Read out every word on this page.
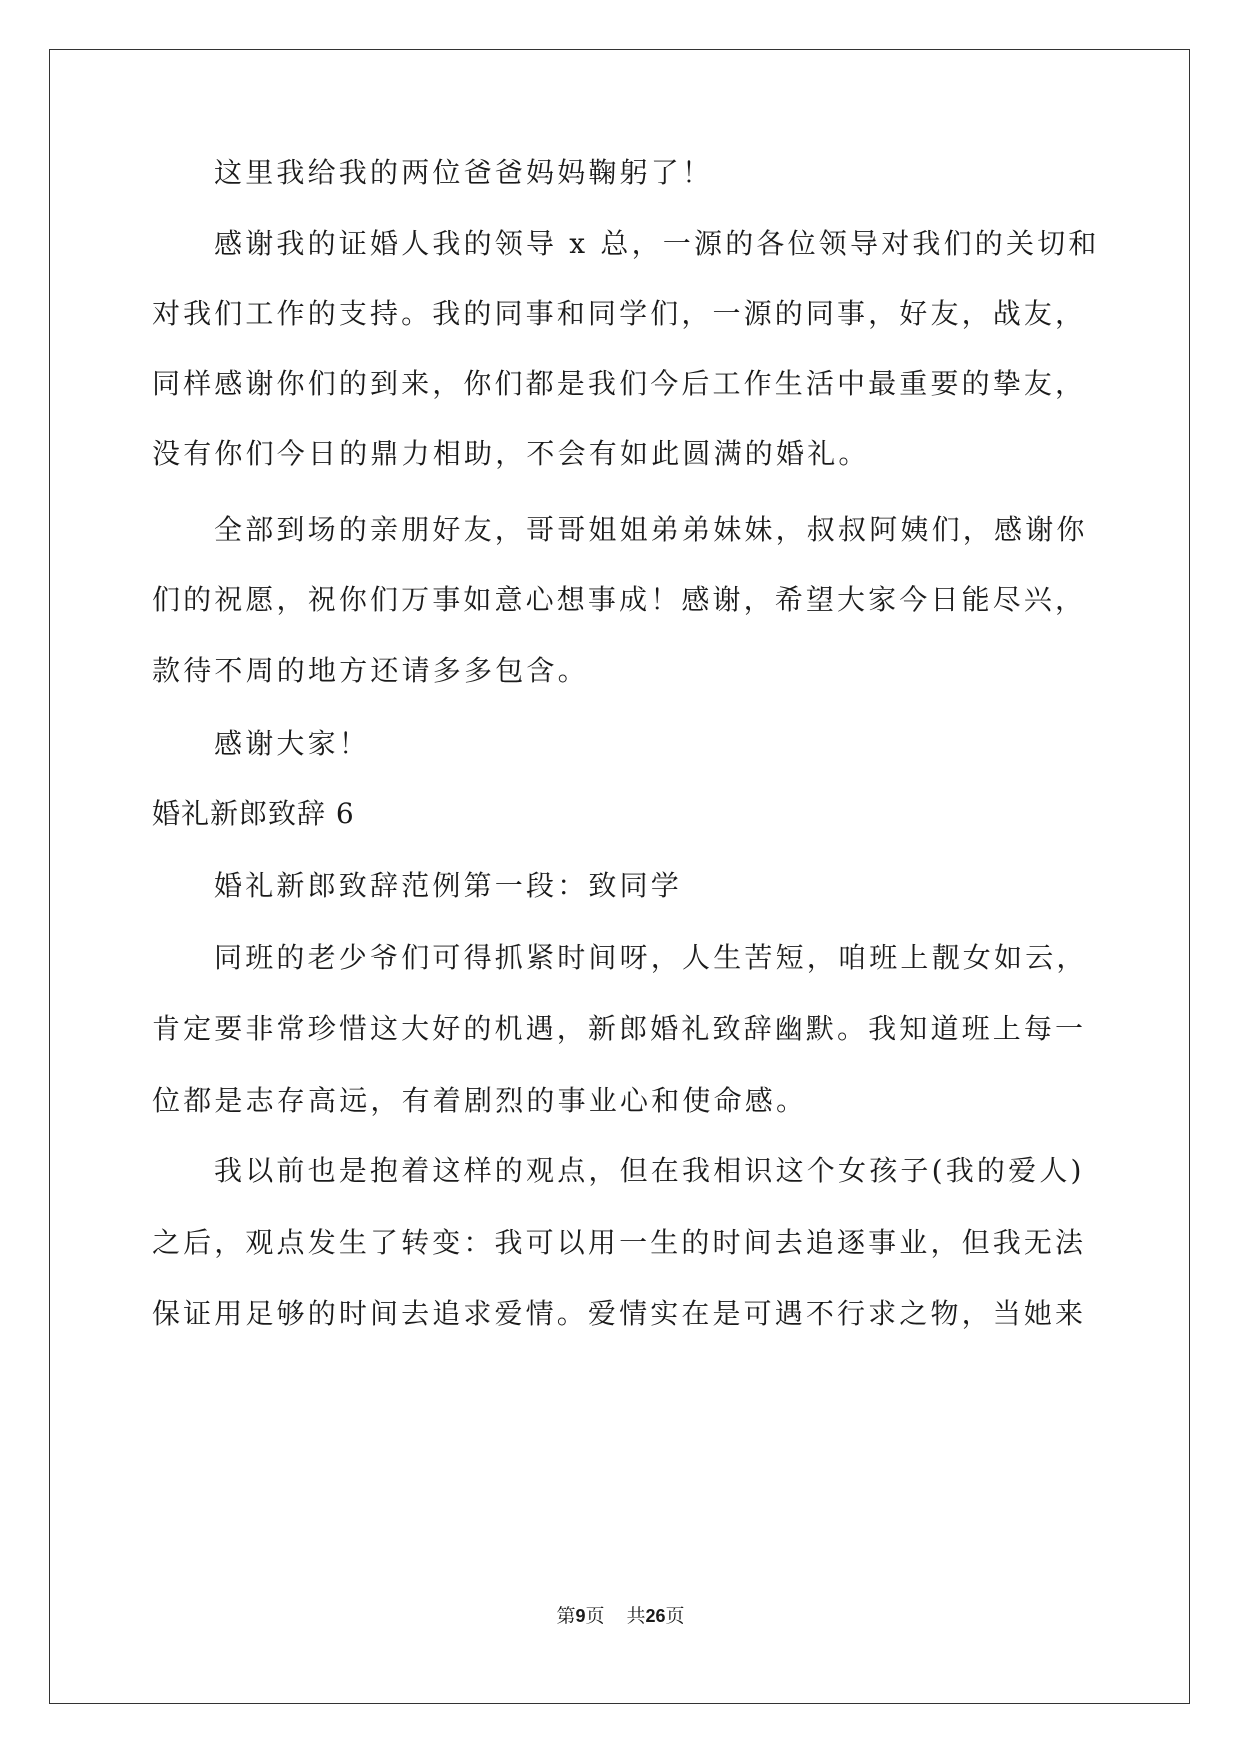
这里我给我的两位爸爸妈妈鞠躬了！
感谢我的证婚人我的领导 x 总，一源的各位领导对我们的关切和
对我们工作的支持。我的同事和同学们，一源的同事，好友，战友，
同样感谢你们的到来，你们都是我们今后工作生活中最重要的挚友，
没有你们今日的鼎力相助，不会有如此圆满的婚礼。
全部到场的亲朋好友，哥哥姐姐弟弟妹妹，叔叔阿姨们，感谢你
们的祝愿，祝你们万事如意心想事成！感谢，希望大家今日能尽兴，
款待不周的地方还请多多包含。
感谢大家！
婚礼新郎致辞 6
婚礼新郎致辞范例第一段：致同学
同班的老少爷们可得抓紧时间呀，人生苦短，咱班上靓女如云，
肯定要非常珍惜这大好的机遇，新郎婚礼致辞幽默。我知道班上每一
位都是志存高远，有着剧烈的事业心和使命感。
我以前也是抱着这样的观点，但在我相识这个女孩子(我的爱人)
之后，观点发生了转变：我可以用一生的时间去追逐事业，但我无法
保证用足够的时间去追求爱情。爱情实在是可遇不行求之物，当她来
第9页 共26页
